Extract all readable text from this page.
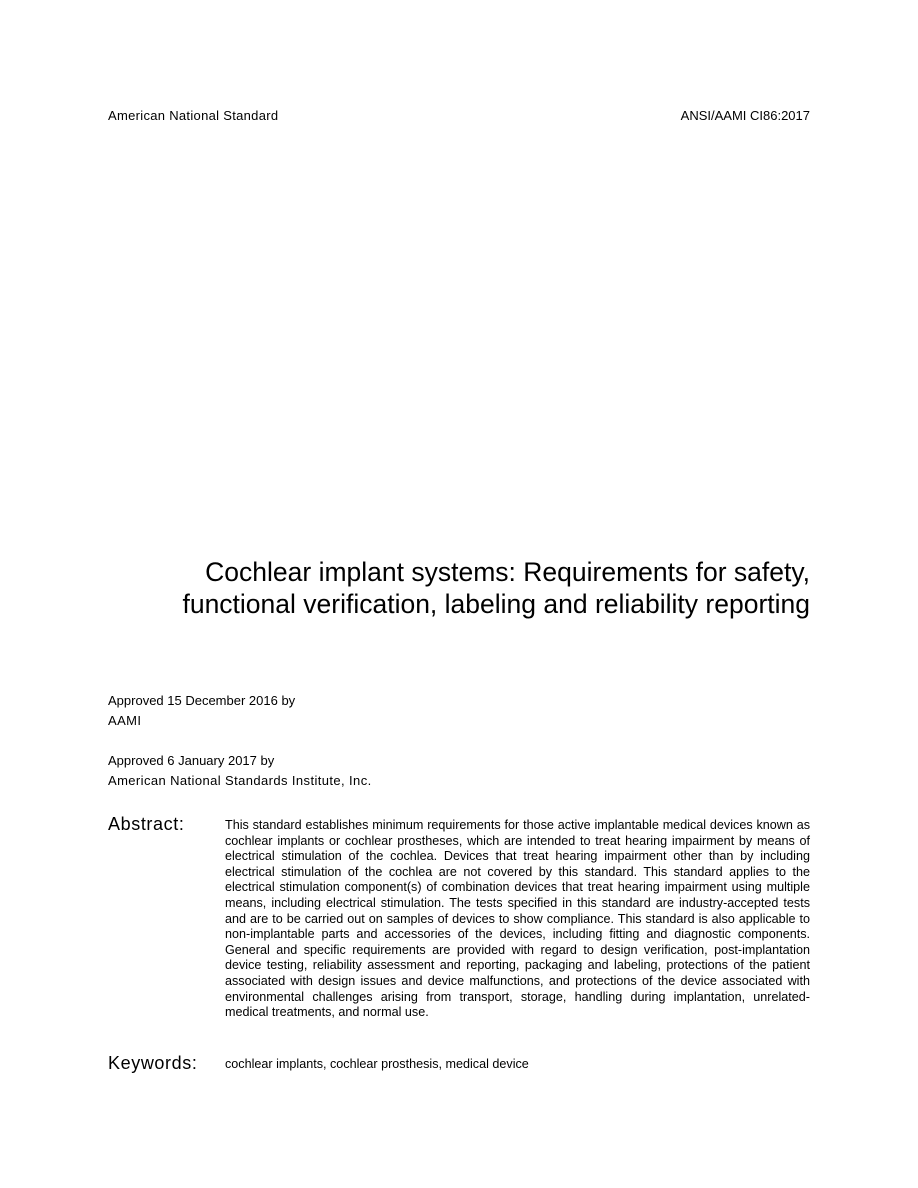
American National Standard	ANSI/AAMI CI86:2017
Cochlear implant systems: Requirements for safety,
functional verification, labeling and reliability reporting
Approved 15 December 2016 by
AAMI
Approved 6 January 2017 by
American National Standards Institute, Inc.
Abstract:	This standard establishes minimum requirements for those active implantable medical devices known as cochlear implants or cochlear prostheses, which are intended to treat hearing impairment by means of electrical stimulation of the cochlea. Devices that treat hearing impairment other than by including electrical stimulation of the cochlea are not covered by this standard. This standard applies to the electrical stimulation component(s) of combination devices that treat hearing impairment using multiple means, including electrical stimulation. The tests specified in this standard are industry-accepted tests and are to be carried out on samples of devices to show compliance. This standard is also applicable to non-implantable parts and accessories of the devices, including fitting and diagnostic components. General and specific requirements are provided with regard to design verification, post-implantation device testing, reliability assessment and reporting, packaging and labeling, protections of the patient associated with design issues and device malfunctions, and protections of the device associated with environmental challenges arising from transport, storage, handling during implantation, unrelated-medical treatments, and normal use.
Keywords: cochlear implants, cochlear prosthesis, medical device
